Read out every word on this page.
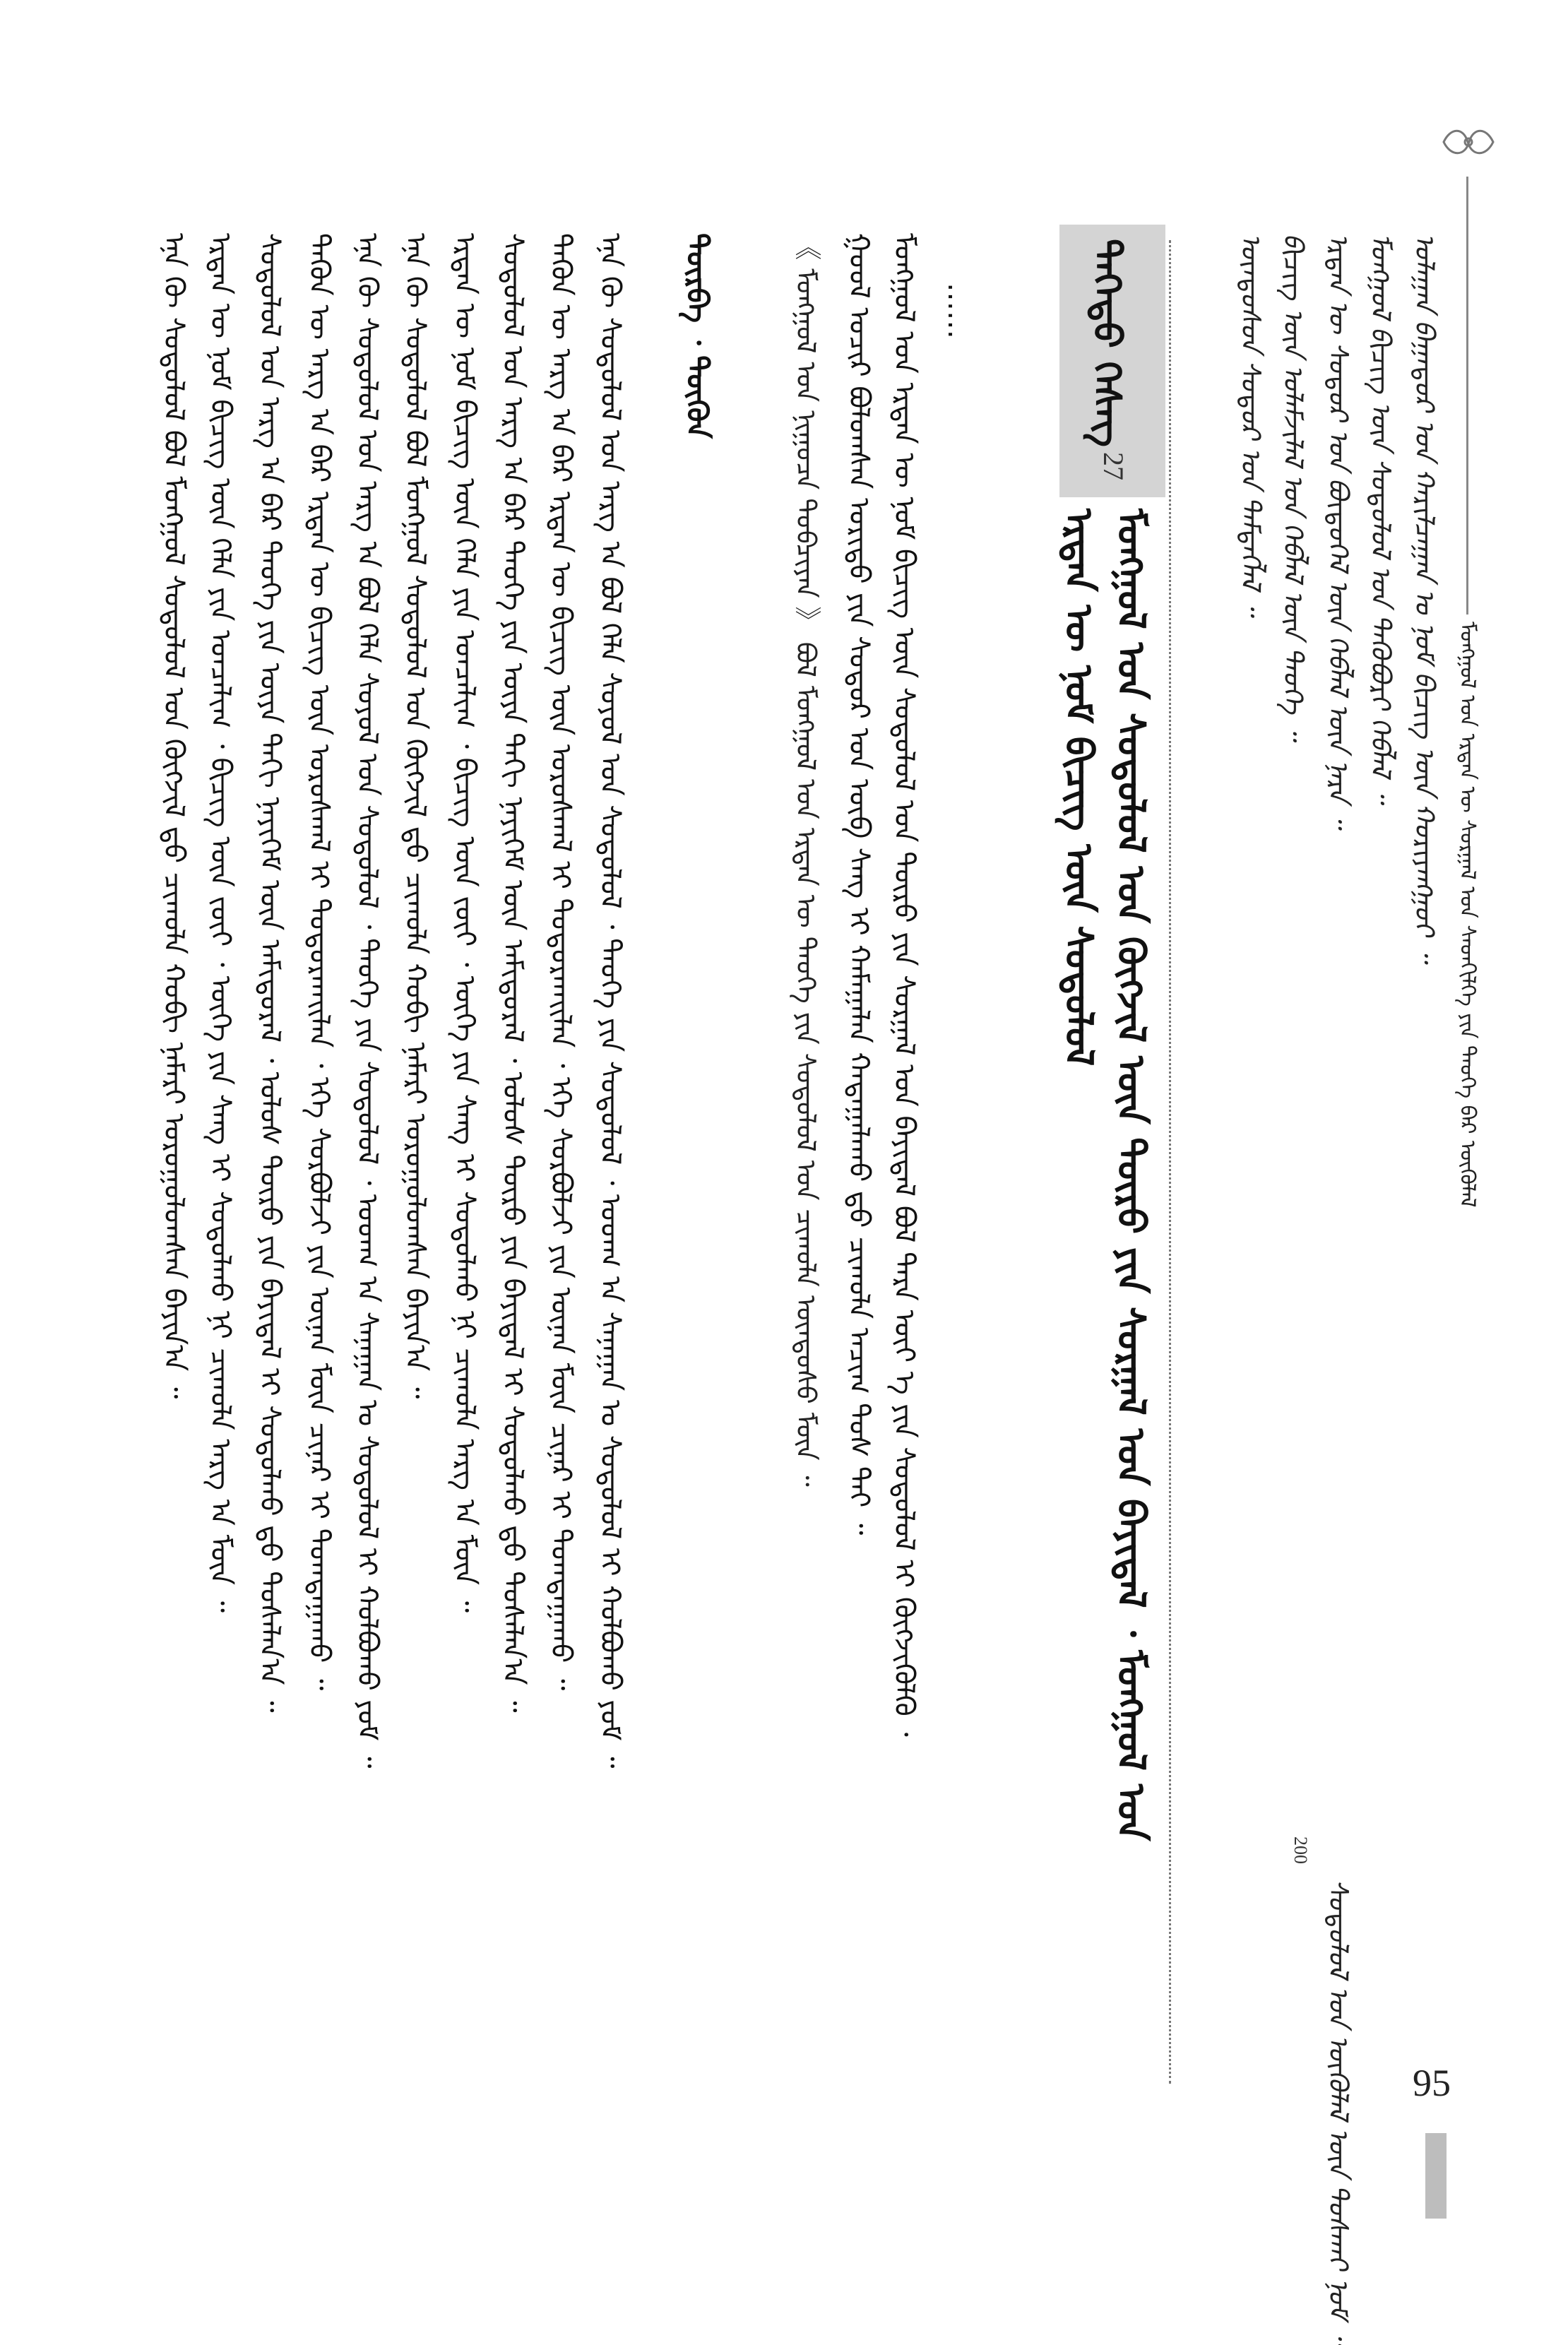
ᠮᠣᠩᠭᠣᠯ ᠤᠨ ᠡᠷᠲᠡᠨ ᠦ ᠰᠤᠷᠭᠠᠯ ᠤᠨ ᠰᠡᠳᠬᠢᠯᠭᠡ ᠶᠢᠨ ᠲᠡᠦᠬᠡ ᠪᠡᠷ ᠦᠭᠦᠯᠡᠯ
ᠤᠯᠠᠭᠠᠨ ᠪᠠᠭᠠᠲᠤᠷ ᠤᠨ ᠬᠠᠷᠢᠯᠴᠠᠭᠠᠨ ᠤ ᠨᠣᠮ ᠪᠢᠴᠢᠭ ᠦᠨ ᠬᠤᠷᠢᠶᠠᠩᠭᠤᠢ ᠃
ᠮᠣᠩᠭᠣᠯ ᠪᠢᠴᠢᠭ ᠦᠨ ᠰᠤᠳᠤᠯᠤᠯ ᠤᠨ ᠲᠡᠭᠦᠪᠦᠷᠢ ᠬᠡᠪᠯᠡᠯ ᠃
ᠡᠷᠲᠡᠨ ᠦ ᠰᠤᠳᠤᠷ ᠤᠨ ᠪᠦᠲᠦᠭᠡᠯ ᠦᠨ ᠬᠡᠪᠯᠡᠯ ᠦᠨ ᠨᠡᠷᠡ ᠃
200
ᠰᠤᠳᠤᠯᠤᠯ ᠤᠨ ᠥᠭᠦᠯᠡᠯ ᠦᠨ ᠲᠤᠰᠬᠠᠢ ᠨᠣᠮ ᠃
ᠪᠢᠴᠢᠭ᠌ ᠦᠨ ᠤᠯᠠᠮᠵᠢᠯᠠᠯ ᠤᠨ ᠬᠡᠪᠯᠡᠯ ᠦᠨ ᠲᠡᠦᠬᠡ ᠃
ᠦᠨᠳᠦᠰᠦᠨ ᠰᠤᠳᠤᠷ ᠤᠨ ᠲᠡᠮᠳᠡᠭᠯᠡᠯ ᠃
ᠳᠡᠭᠡᠳᠦ ᠬᠡᠰᠡᠭ
27
ᠮᠣᠩᠭᠣᠯ ᠤᠨ ᠰᠤᠳᠤᠯᠤᠯ ᠤᠨ ᠬᠥᠭᠵᠢᠯ ᠦᠨ ᠲᠦᠷᠦ ᠶᠢᠨ ᠰᠤᠷᠭᠠᠯ ᠤᠨ ᠪᠠᠶᠢᠳᠠᠯ ᠂ ᠮᠣᠩᠭᠣᠯ ᠤᠨ
ᠡᠷᠲᠡᠨ ᠦ ᠨᠣᠮ ᠪᠢᠴᠢᠭ ᠦᠨ ᠰᠤᠳᠤᠯᠤᠯ
……
ᠮᠣᠩᠭᠣᠯ ᠤᠨ ᠡᠷᠲᠡᠨ ᠦ ᠨᠣᠮ ᠪᠢᠴᠢᠭ ᠦᠨ ᠰᠤᠳᠤᠯᠤᠯ ᠤᠨ ᠲᠦᠷᠦ ᠶᠢᠨ ᠰᠤᠷᠭᠠᠯ ᠤᠨ ᠪᠠᠶᠢᠳᠠᠯ ᠪᠣᠯ ᠲᠡᠷᠡ ᠦᠶ ᠡ ᠶᠢᠨ ᠰᠤᠳᠤᠯᠤᠯ ᠢ ᠬᠥᠭᠵᠢᠭᠦᠯᠬᠦ ᠂
ᠭᠣᠣᠯ ᠤᠴᠢᠷ ᠪᠣᠯᠤᠭᠰᠠᠨ ᠤᠷᠢᠳᠤ ᠶᠢᠨ ᠰᠤᠳᠤᠷ ᠤᠨ ᠥᠪ ᠰᠠᠩ ᠢ ᠬᠠᠮᠠᠭᠠᠯᠠᠨ ᠬᠠᠳᠠᠭᠠᠯᠠᠬᠤ ᠳ᠋ᠤ ᠴᠢᠬᠤᠯᠠ ᠠᠴᠢᠭ ᠲᠤᠰ ᠲᠠᠢ ᠃
《 ᠮᠣᠩᠭᠣᠯ ᠤᠨ ᠨᠢᠭᠤᠴᠠ ᠲᠤᠪᠴᠢᠶᠠᠨ 》 ᠪᠣᠯ ᠮᠣᠩᠭᠣᠯ ᠤᠨ ᠡᠷᠲᠡᠨ ᠦ ᠲᠡᠦᠬᠡ ᠶᠢᠨ ᠰᠤᠳᠤᠯᠤᠯ ᠤᠨ ᠴᠢᠬᠤᠯᠠ ᠦᠨᠳᠦᠰᠦ ᠮᠥᠨ ᠃
ᠳᠥᠷᠪᠡ ᠂ ᠳᠦᠭᠦᠨ
ᠡᠨᠡ ᠬᠦ ᠰᠤᠳᠤᠯᠤᠯ ᠤᠨ ᠠᠷᠭ ᠠ ᠪᠣᠯ ᠬᠡᠯᠡ ᠰᠣᠶᠤᠯ ᠤᠨ ᠰᠤᠳᠤᠯᠤᠯ ᠂ ᠲᠡᠦᠬᠡ ᠶᠢᠨ ᠰᠤᠳᠤᠯᠤᠯ ᠂ ᠤᠳᠬ ᠠ ᠰᠠᠨᠠᠭᠠᠨ ᠤ ᠰᠤᠳᠤᠯᠤᠯ ᠢ ᠬᠣᠯᠪᠣᠬᠤ ᠶᠤᠮ ᠃
ᠲᠡᠭᠦᠨ ᠦ ᠠᠷᠭ ᠠ ᠪᠠᠷ ᠡᠷᠲᠡᠨ ᠦ ᠪᠢᠴᠢᠭ ᠦᠨ ᠤᠷᠤᠰᠬᠠᠯ ᠢ ᠲᠣᠳᠣᠷᠬᠠᠢᠯᠠᠨ ᠂ ᠡᠬᠡ ᠰᠤᠷᠪᠤᠯᠵᠢ ᠶᠢᠨ ᠦᠨᠡᠨ ᠮᠥᠨ ᠴᠢᠨᠠᠷ ᠢ ᠲᠣᠭᠲᠠᠭᠠᠬᠤ ᠃
ᠰᠤᠳᠤᠯᠤᠯ ᠤᠨ ᠠᠷᠭ ᠠ ᠪᠠᠷ ᠲᠡᠦᠬᠡ ᠶᠢᠨ ᠦᠶᠡ ᠳᠡᠬᠢ ᠨᠡᠶᠢᠭᠡᠮ ᠦᠨ ᠠᠮᠢᠳᠤᠷᠠᠯ ᠂ ᠤᠯᠤᠰ ᠲᠥᠷᠦ ᠶᠢᠨ ᠪᠠᠶᠢᠳᠠᠯ ᠢ ᠰᠤᠳᠤᠯᠬᠤ ᠳ᠋ᠤ ᠲᠤᠰᠠᠯᠠᠨ᠎ᠠ ᠃
ᠡᠷᠲᠡᠨ ᠦ ᠨᠣᠮ ᠪᠢᠴᠢᠭ ᠦᠨ ᠬᠡᠯᠡ ᠶᠢᠨ ᠣᠨᠴᠠᠯᠢᠭ ᠂ ᠪᠢᠴᠢᠭ ᠦᠨ ᠵᠦᠢ ᠂ ᠦᠭᠡ ᠶᠢᠨ ᠰᠠᠩ ᠢ ᠰᠤᠳᠤᠯᠬᠤ ᠨᠢ ᠴᠢᠬᠤᠯᠠ ᠠᠷᠭ ᠠ ᠮᠥᠨ ᠃
ᠡᠨᠡ ᠬᠦ ᠰᠤᠳᠤᠯᠤᠯ ᠪᠣᠯ ᠮᠣᠩᠭᠣᠯ ᠰᠤᠳᠤᠯᠤᠯ ᠤᠨ ᠬᠥᠭᠵᠢᠯ ᠳ᠋ᠤ ᠴᠢᠬᠤᠯᠠ ᠬᠤᠪᠢ ᠨᠡᠮᠡᠷᠢ ᠣᠷᠣᠭᠤᠯᠤᠭᠰᠠᠨ ᠪᠠᠶᠢᠨ᠎ᠠ ᠃
ᠡᠨᠡ ᠬᠦ ᠰᠤᠳᠤᠯᠤᠯ ᠤᠨ ᠠᠷᠭ ᠠ ᠪᠣᠯ ᠬᠡᠯᠡ ᠰᠣᠶᠤᠯ ᠤᠨ ᠰᠤᠳᠤᠯᠤᠯ ᠂ ᠲᠡᠦᠬᠡ ᠶᠢᠨ ᠰᠤᠳᠤᠯᠤᠯ ᠂ ᠤᠳᠬ ᠠ ᠰᠠᠨᠠᠭᠠᠨ ᠤ ᠰᠤᠳᠤᠯᠤᠯ ᠢ ᠬᠣᠯᠪᠣᠬᠤ ᠶᠤᠮ ᠃
ᠲᠡᠭᠦᠨ ᠦ ᠠᠷᠭ ᠠ ᠪᠠᠷ ᠡᠷᠲᠡᠨ ᠦ ᠪᠢᠴᠢᠭ ᠦᠨ ᠤᠷᠤᠰᠬᠠᠯ ᠢ ᠲᠣᠳᠣᠷᠬᠠᠢᠯᠠᠨ ᠂ ᠡᠬᠡ ᠰᠤᠷᠪᠤᠯᠵᠢ ᠶᠢᠨ ᠦᠨᠡᠨ ᠮᠥᠨ ᠴᠢᠨᠠᠷ ᠢ ᠲᠣᠭᠲᠠᠭᠠᠬᠤ ᠃
ᠰᠤᠳᠤᠯᠤᠯ ᠤᠨ ᠠᠷᠭ ᠠ ᠪᠠᠷ ᠲᠡᠦᠬᠡ ᠶᠢᠨ ᠦᠶᠡ ᠳᠡᠬᠢ ᠨᠡᠶᠢᠭᠡᠮ ᠦᠨ ᠠᠮᠢᠳᠤᠷᠠᠯ ᠂ ᠤᠯᠤᠰ ᠲᠥᠷᠦ ᠶᠢᠨ ᠪᠠᠶᠢᠳᠠᠯ ᠢ ᠰᠤᠳᠤᠯᠬᠤ ᠳ᠋ᠤ ᠲᠤᠰᠠᠯᠠᠨ᠎ᠠ ᠃
ᠡᠷᠲᠡᠨ ᠦ ᠨᠣᠮ ᠪᠢᠴᠢᠭ ᠦᠨ ᠬᠡᠯᠡ ᠶᠢᠨ ᠣᠨᠴᠠᠯᠢᠭ ᠂ ᠪᠢᠴᠢᠭ ᠦᠨ ᠵᠦᠢ ᠂ ᠦᠭᠡ ᠶᠢᠨ ᠰᠠᠩ ᠢ ᠰᠤᠳᠤᠯᠬᠤ ᠨᠢ ᠴᠢᠬᠤᠯᠠ ᠠᠷᠭ ᠠ ᠮᠥᠨ ᠃
ᠡᠨᠡ ᠬᠦ ᠰᠤᠳᠤᠯᠤᠯ ᠪᠣᠯ ᠮᠣᠩᠭᠣᠯ ᠰᠤᠳᠤᠯᠤᠯ ᠤᠨ ᠬᠥᠭᠵᠢᠯ ᠳ᠋ᠤ ᠴᠢᠬᠤᠯᠠ ᠬᠤᠪᠢ ᠨᠡᠮᠡᠷᠢ ᠣᠷᠣᠭᠤᠯᠤᠭᠰᠠᠨ ᠪᠠᠶᠢᠨ᠎ᠠ ᠃
95
